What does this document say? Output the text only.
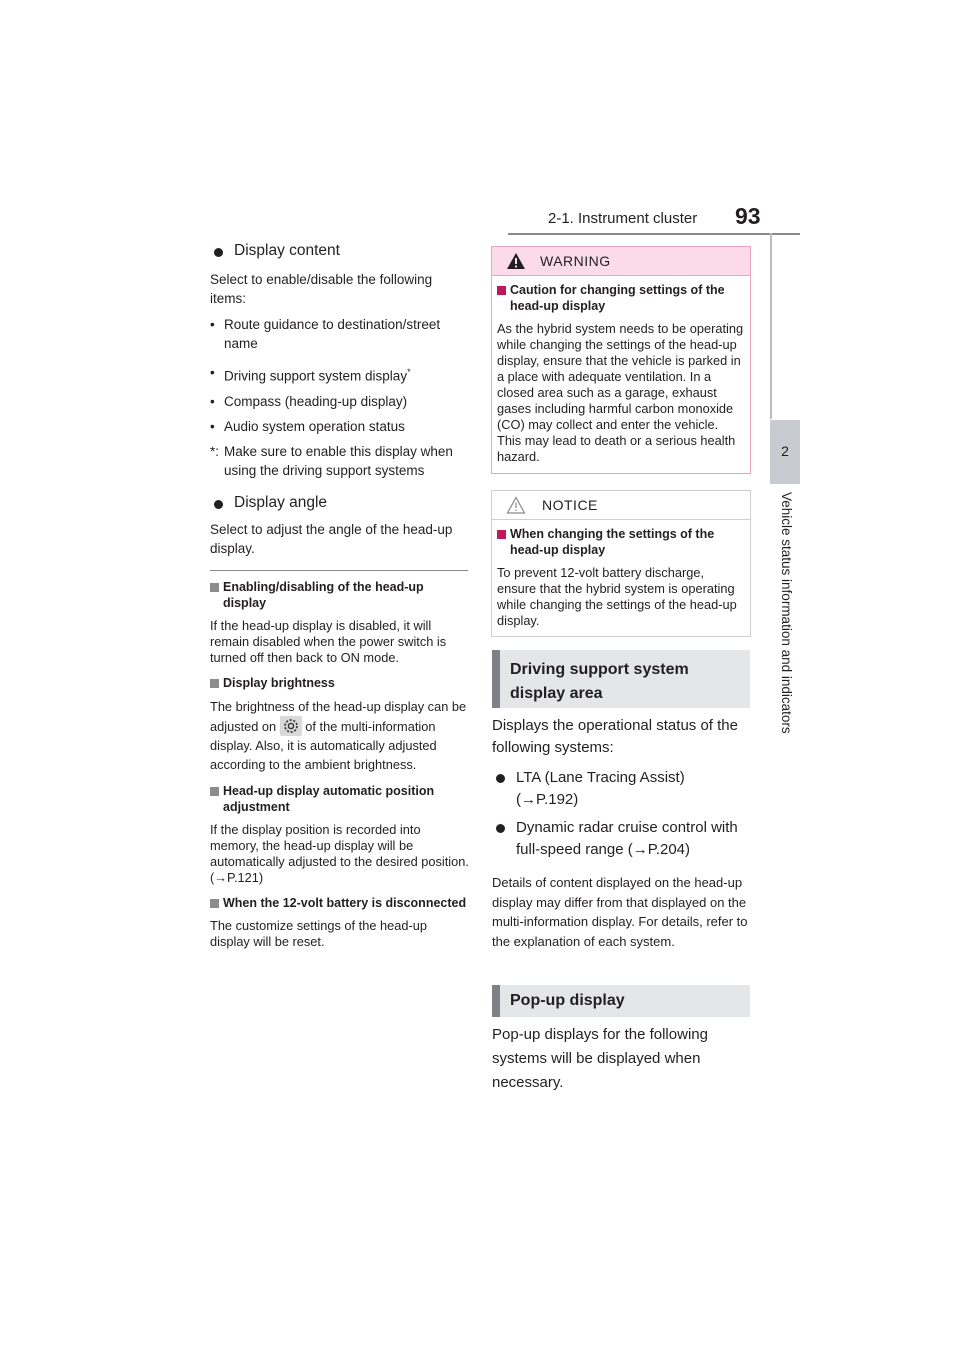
2-1. Instrument cluster 93
2
Vehicle status information and indicators
Display content

Select to enable/disable the following items:

• Route guidance to destination/street name
• Driving support system display*
• Compass (heading-up display)
• Audio system operation status
*: Make sure to enable this display when using the driving support systems
Display angle

Select to adjust the angle of the head-up display.

Enabling/disabling of the head-up display

If the head-up display is disabled, it will remain disabled when the power switch is turned off then back to ON mode.

Display brightness

The brightness of the head-up display can be adjusted on of the multi-information display. Also, it is automatically adjusted according to the ambient brightness.

Head-up display automatic position adjustment

If the display position is recorded into memory, the head-up display will be automatically adjusted to the desired position. (→P.121)

When the 12-volt battery is disconnected

The customize settings of the head-up display will be reset.

WARNING
Caution for changing settings of the head-up display

As the hybrid system needs to be operating while changing the settings of the head-up display, ensure that the vehicle is parked in a place with adequate ventilation. In a closed area such as a garage, exhaust gases including harmful carbon monoxide (CO) may collect and enter the vehicle. This may lead to death or a serious health hazard.

NOTICE
When changing the settings of the head-up display

To prevent 12-volt battery discharge, ensure that the hybrid system is operating while changing the settings of the head-up display.

Driving support system display area

Displays the operational status of the following systems:

LTA (Lane Tracing Assist) (→P.192)
Dynamic radar cruise control with full-speed range (→P.204)

Details of content displayed on the head-up display may differ from that displayed on the multi-information display. For details, refer to the explanation of each system.

Pop-up display

Pop-up displays for the following systems will be displayed when necessary.
